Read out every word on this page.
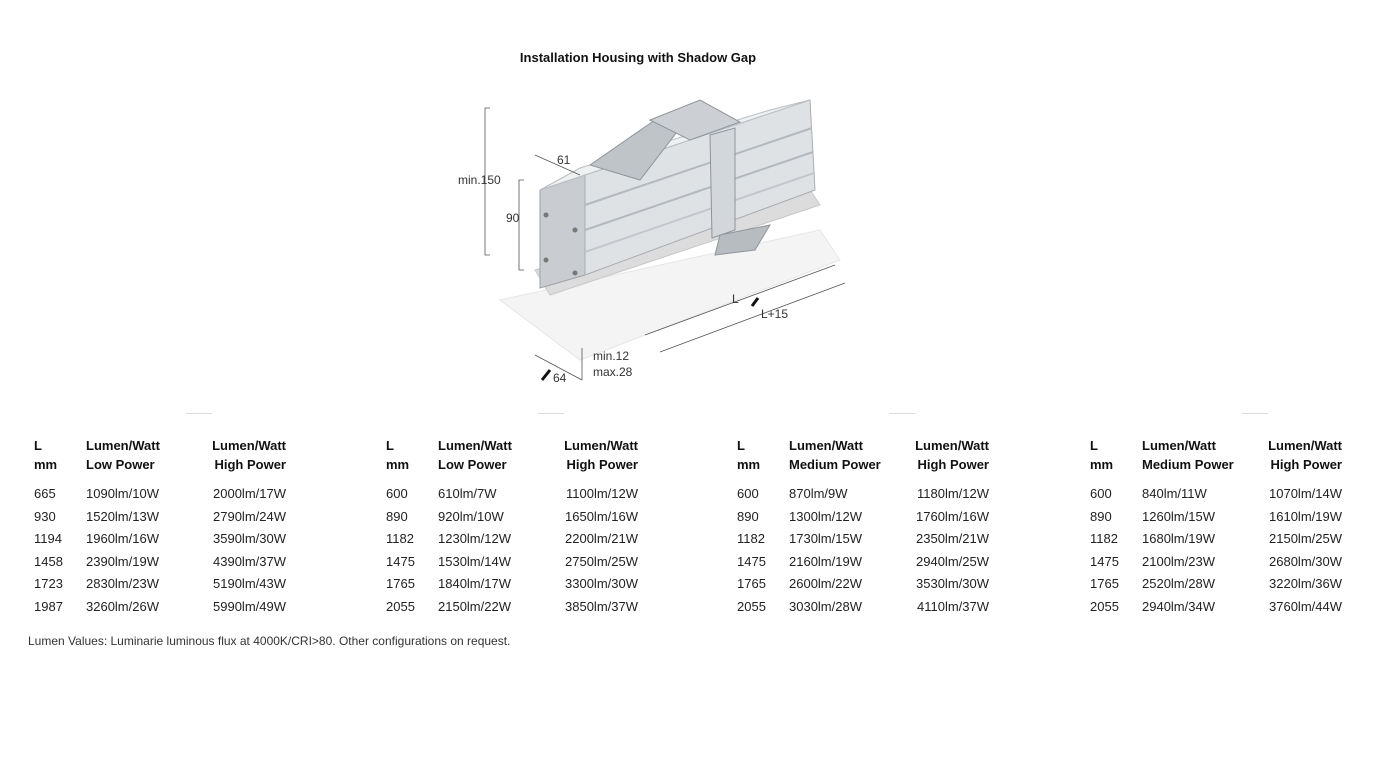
Installation Housing with Shadow Gap
min.150
61
90
L
L+15
min.12
max.28
64
L
mm
Lumen/Watt
Low Power
Lumen/Watt
High Power
665 1090lm/10W	2000lm/17W
930 1520lm/13W	2790lm/24W
1194 1960lm/16W	3590lm/30W
1458 2390lm/19W	4390lm/37W
1723 2830lm/23W	5190lm/43W
1987 3260lm/26W	5990lm/49W
L
mm
Lumen/Watt
Low Power
Lumen/Watt
High Power
600 610lm/7W	1100lm/12W
890 920lm/10W	1650lm/16W
1182 1230lm/12W	2200lm/21W
1475 1530lm/14W	2750lm/25W
1765 1840lm/17W	3300lm/30W
2055 2150lm/22W	3850lm/37W
L
mm
Lumen/Watt
Medium Power
Lumen/Watt
High Power
600 870lm/9W	1180lm/12W
890 1300lm/12W	1760lm/16W
1182 1730lm/15W	2350lm/21W
1475 2160lm/19W	2940lm/25W
1765 2600lm/22W	3530lm/30W
2055 3030lm/28W	4110lm/37W
L
mm
Lumen/Watt
Medium Power
Lumen/Watt
High Power
600 840lm/11W	1070lm/14W
890 1260lm/15W	1610lm/19W
1182 1680lm/19W	2150lm/25W
1475 2100lm/23W	2680lm/30W
1765 2520lm/28W	3220lm/36W
2055 2940lm/34W	3760lm/44W
Lumen Values: Luminarie luminous flux at 4000K/CRI>80. Other configurations on request.
